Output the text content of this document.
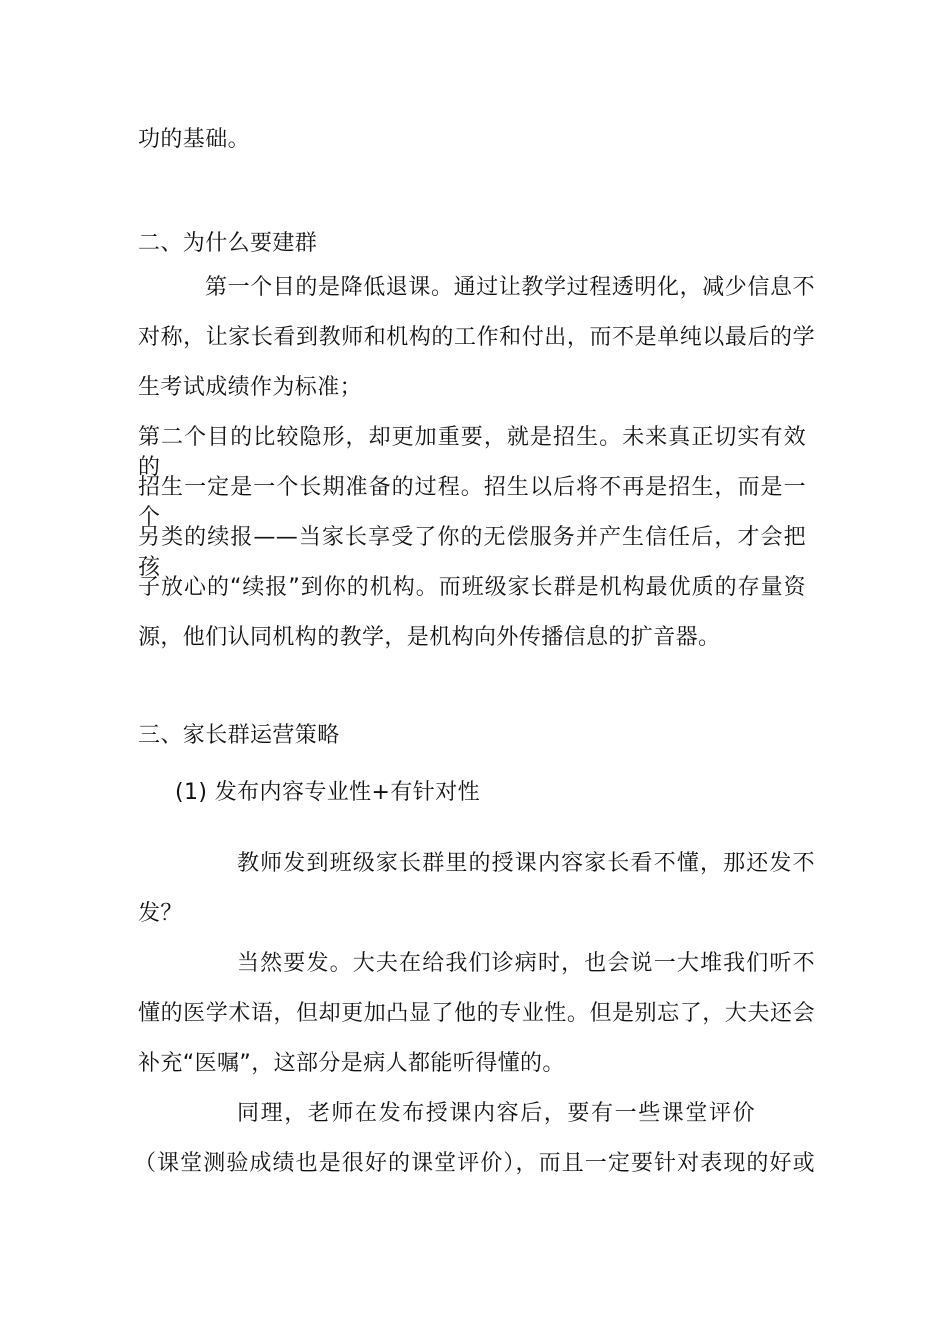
功的基础。
二、为什么要建群
第一个目的是降低退课。通过让教学过程透明化，减少信息不
对称，让家长看到教师和机构的工作和付出，而不是单纯以最后的学
生考试成绩作为标准；
第二个目的比较隐形，却更加重要，就是招生。未来真正切实有效的
招生一定是一个长期准备的过程。招生以后将不再是招生，而是一个
另类的续报——当家长享受了你的无偿服务并产生信任后，才会把孩
子放心的“续报”到你的机构。而班级家长群是机构最优质的存量资
源，他们认同机构的教学，是机构向外传播信息的扩音器。
三、家长群运营策略
(1) 发布内容专业性+有针对性
教师发到班级家长群里的授课内容家长看不懂，那还发不
发？
当然要发。大夫在给我们诊病时，也会说一大堆我们听不
懂的医学术语，但却更加凸显了他的专业性。但是别忘了，大夫还会
补充“医嘱”，这部分是病人都能听得懂的。
同理，老师在发布授课内容后，要有一些课堂评价
（课堂测验成绩也是很好的课堂评价），而且一定要针对表现的好或
